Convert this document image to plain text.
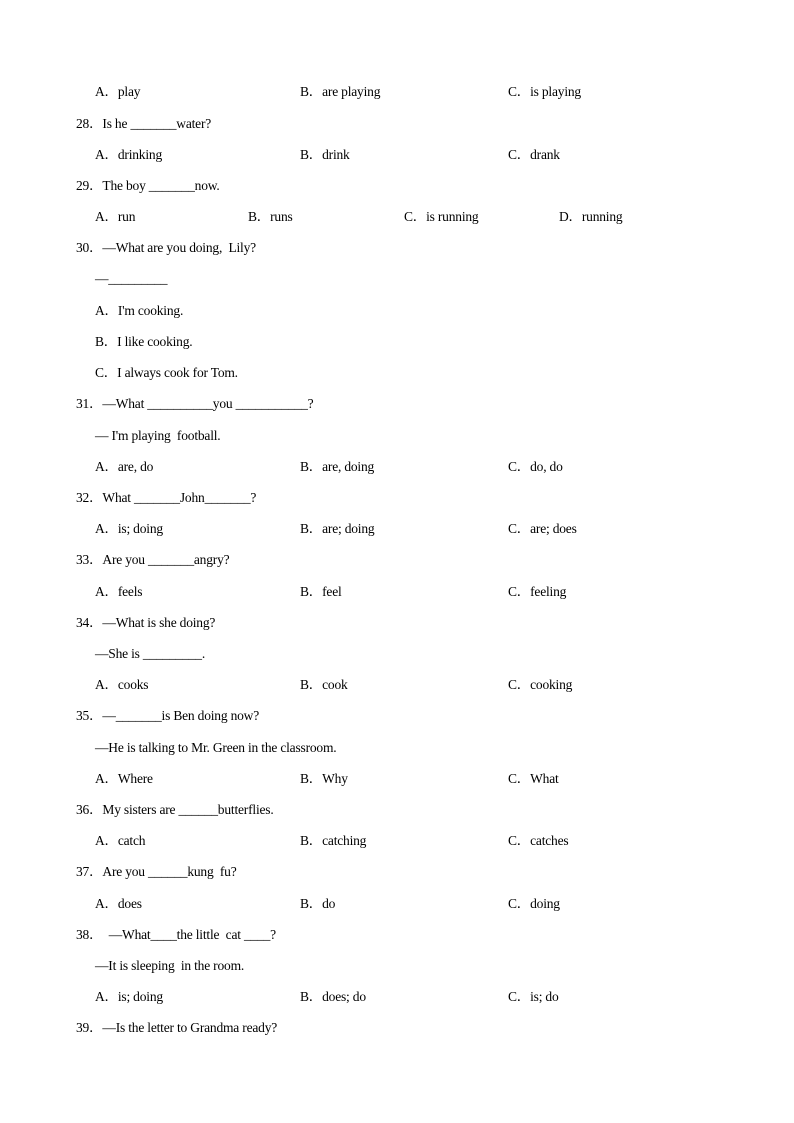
A．play	B．are playing	C．is playing
28．Is he _______water?
A．drinking	B．drink	C．drank
29．The boy _______now.
A．run	B．runs	C．is running	D．running
30．—What are you doing,  Lily?
—_________
A．I'm cooking.
B．I like cooking.
C．I always cook for Tom.
31．—What __________you ___________?
— I'm playing  football.
A．are, do	B．are, doing	C．do, do
32．What _______John_______?
A．is; doing	B．are; doing	C．are; does
33．Are you _______angry?
A．feels	B．feel	C．feeling
34．—What is she doing?
—She is _________.
A．cooks	B．cook	C．cooking
35．—_______is Ben doing now?
—He is talking to Mr. Green in the classroom.
A．Where	B．Why	C．What
36．My sisters are ______butterflies.
A．catch	B．catching	C．catches
37．Are you ______kung  fu?
A．does	B．do	C．doing
38．  —What____the little  cat ____?
—It is sleeping  in the room.
A．is; doing	B．does; do	C．is; do
39．—Is the letter to Grandma ready?
